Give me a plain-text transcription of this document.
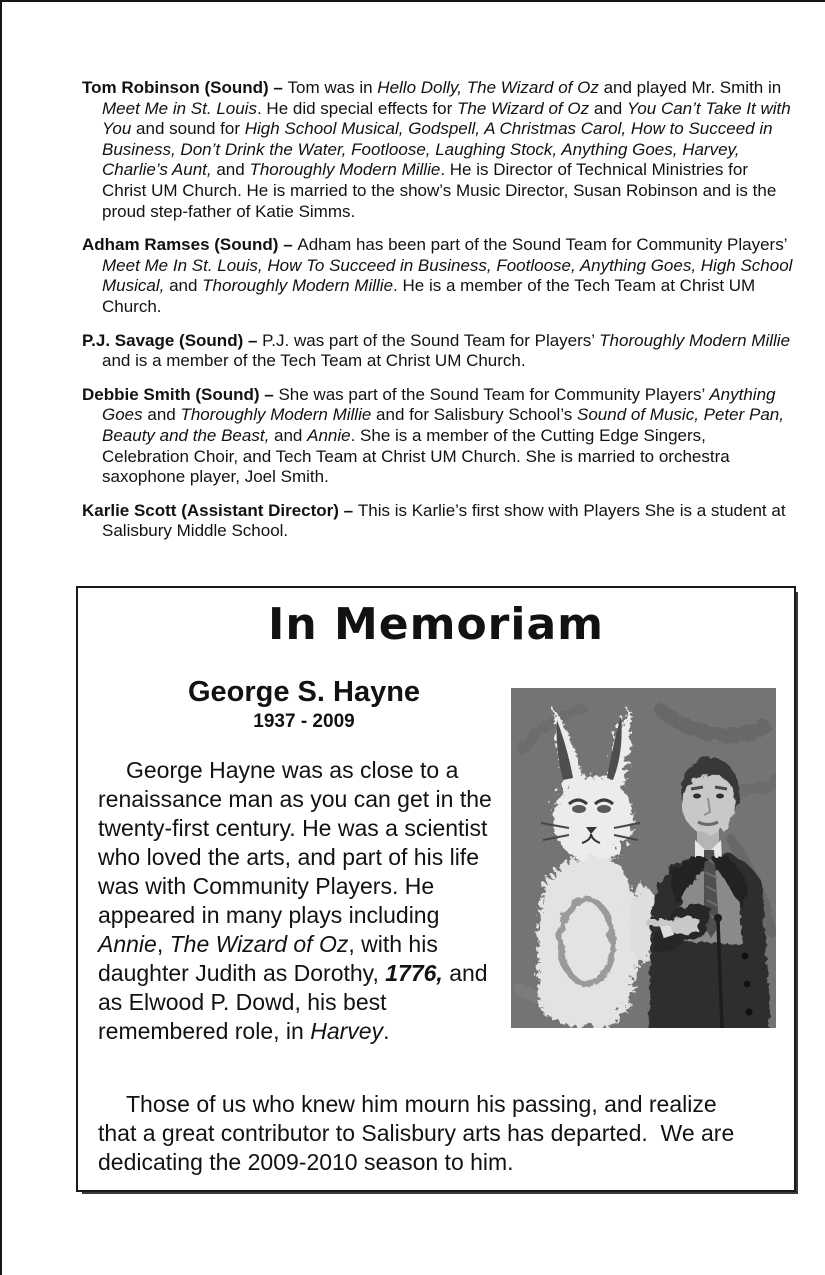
Tom Robinson (Sound) – Tom was in Hello Dolly, The Wizard of Oz and played Mr. Smith in Meet Me in St. Louis. He did special effects for The Wizard of Oz and You Can’t Take It with You and sound for High School Musical, Godspell, A Christmas Carol, How to Succeed in Business, Don’t Drink the Water, Footloose, Laughing Stock, Anything Goes, Harvey, Charlie’s Aunt, and Thoroughly Modern Millie. He is Director of Technical Ministries for Christ UM Church. He is married to the show’s Music Director, Susan Robinson and is the proud step-father of Katie Simms.

Adham Ramses (Sound) – Adham has been part of the Sound Team for Community Players’ Meet Me In St. Louis, How To Succeed in Business, Footloose, Anything Goes, High School Musical, and Thoroughly Modern Millie. He is a member of the Tech Team at Christ UM Church.

P.J. Savage (Sound) – P.J. was part of the Sound Team for Players’ Thoroughly Modern Millie and is a member of the Tech Team at Christ UM Church.

Debbie Smith (Sound) – She was part of the Sound Team for Community Players’ Anything Goes and Thoroughly Modern Millie and for Salisbury School’s Sound of Music, Peter Pan, Beauty and the Beast, and Annie. She is a member of the Cutting Edge Singers, Celebration Choir, and Tech Team at Christ UM Church. She is married to orchestra saxophone player, Joel Smith.

Karlie Scott (Assistant Director) – This is Karlie’s first show with Players She is a student at Salisbury Middle School.

In Memoriam
George S. Hayne
1937 - 2009

George Hayne was as close to a renaissance man as you can get in the twenty-first century. He was a scientist who loved the arts, and part of his life was with Community Players. He appeared in many plays including Annie, The Wizard of Oz, with his daughter Judith as Dorothy, 1776, and as Elwood P. Dowd, his best remembered role, in Harvey.

Those of us who knew him mourn his passing, and realize that a great contributor to Salisbury arts has departed.  We are dedicating the 2009-2010 season to him.
